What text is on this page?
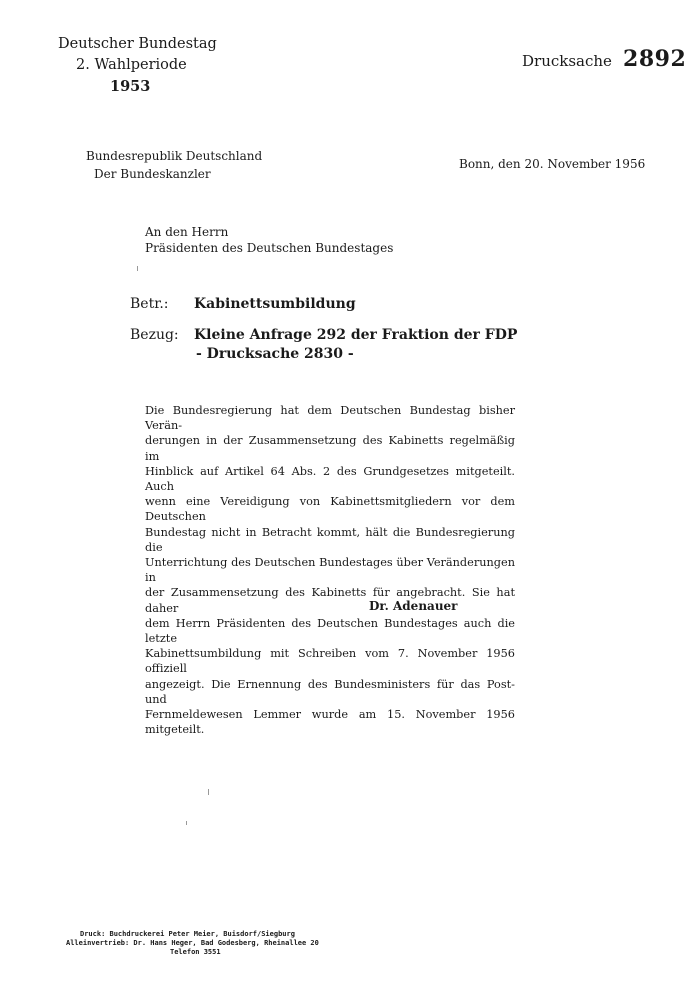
Deutscher Bundestag
2. Wahlperiode
1953
Drucksache 2892
Bundesrepublik Deutschland
Der Bundeskanzler
Bonn, den 20. November 1956
An den Herrn
Präsidenten des Deutschen Bundestages
Betr.: Kabinettsumbildung
Bezug: Kleine Anfrage 292 der Fraktion der FDP
- Drucksache 2830 -
Die Bundesregierung hat dem Deutschen Bundestag bisher Verän-
derungen in der Zusammensetzung des Kabinetts regelmäßig im
Hinblick auf Artikel 64 Abs. 2 des Grundgesetzes mitgeteilt. Auch
wenn eine Vereidigung von Kabinettsmitgliedern vor dem Deutschen
Bundestag nicht in Betracht kommt, hält die Bundesregierung die
Unterrichtung des Deutschen Bundestages über Veränderungen in
der Zusammensetzung des Kabinetts für angebracht. Sie hat daher
dem Herrn Präsidenten des Deutschen Bundestages auch die letzte
Kabinettsumbildung mit Schreiben vom 7. November 1956 offiziell
angezeigt. Die Ernennung des Bundesministers für das Post- und
Fernmeldewesen Lemmer wurde am 15. November 1956 mitgeteilt.
Dr. Adenauer
Druck: Buchdruckerei Peter Meier, Buisdorf/Siegburg
Alleinvertrieb: Dr. Hans Heger, Bad Godesberg, Rheinallee 20
Telefon 3551
